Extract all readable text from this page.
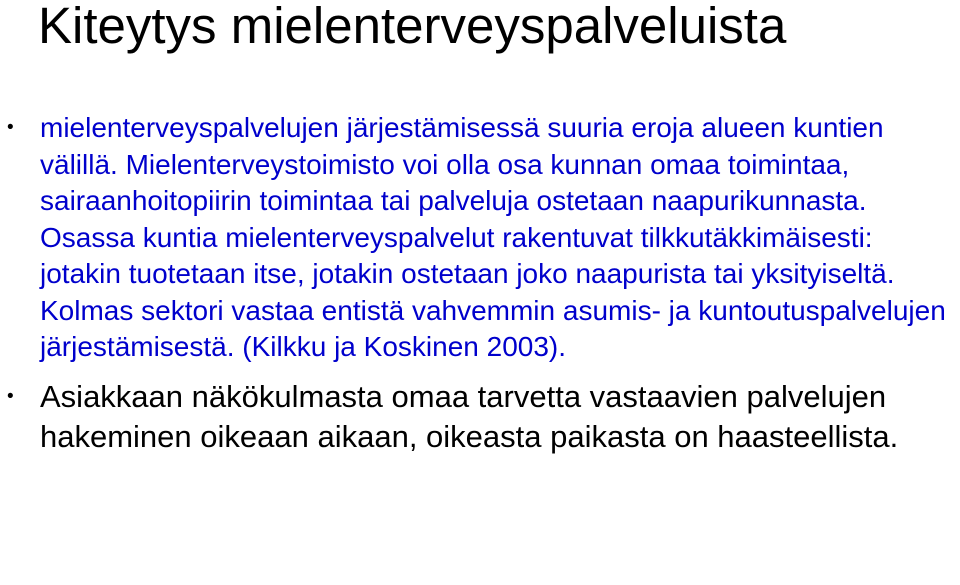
Kiteytys mielenterveyspalveluista
• mielenterveyspalvelujen järjestämisessä suuria eroja alueen kuntien välillä. Mielenterveystoimisto voi olla osa kunnan omaa toimintaa, sairaanhoitopiirin toimintaa tai palveluja ostetaan naapurikunnasta. Osassa kuntia mielenterveyspalvelut rakentuvat tilkkutäkkimäisesti: jotakin tuotetaan itse, jotakin ostetaan joko naapurista tai yksityiseltä. Kolmas sektori vastaa entistä vahvemmin asumis- ja kuntoutuspalvelujen järjestämisestä. (Kilkku ja Koskinen 2003).
• Asiakkaan näkökulmasta omaa tarvetta vastaavien palvelujen hakeminen oikeaan aikaan, oikeasta paikasta on haasteellista.
